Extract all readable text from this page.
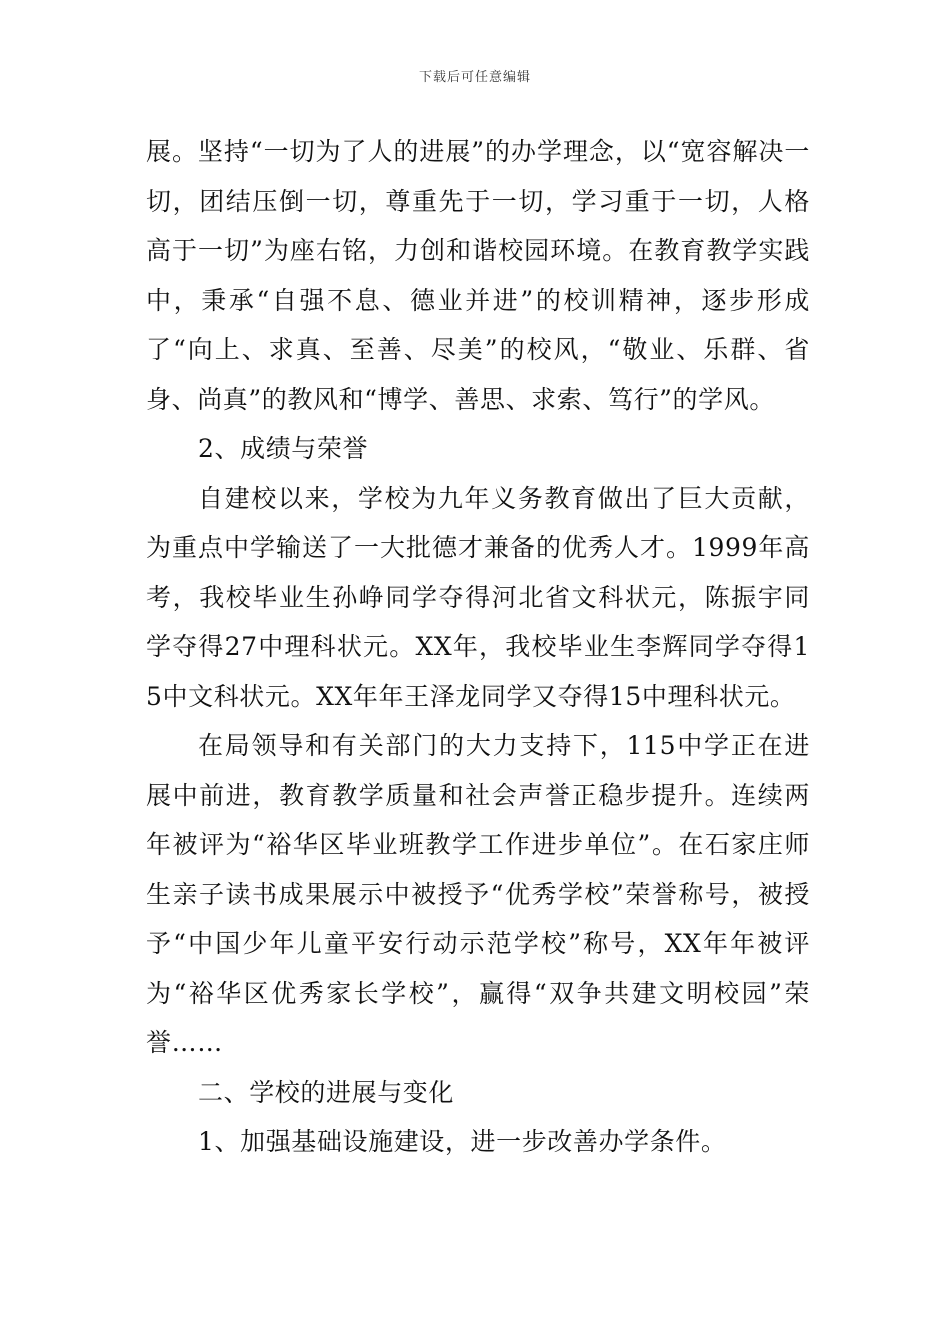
下载后可任意编辑

展。坚持“一切为了人的进展”的办学理念，以“宽容解决一切，团结压倒一切，尊重先于一切，学习重于一切，人格高于一切”为座右铭，力创和谐校园环境。在教育教学实践中，秉承“自强不息、德业并进”的校训精神，逐步形成了“向上、求真、至善、尽美”的校风，“敬业、乐群、省身、尚真”的教风和“博学、善思、求索、笃行”的学风。

2、成绩与荣誉

自建校以来，学校为九年义务教育做出了巨大贡献，为重点中学输送了一大批德才兼备的优秀人才。1999年高考，我校毕业生孙峥同学夺得河北省文科状元，陈振宇同学夺得27中理科状元。XX年，我校毕业生李辉同学夺得15中文科状元。XX年年王泽龙同学又夺得15中理科状元。

在局领导和有关部门的大力支持下，115中学正在进展中前进，教育教学质量和社会声誉正稳步提升。连续两年被评为“裕华区毕业班教学工作进步单位”。在石家庄师生亲子读书成果展示中被授予“优秀学校”荣誉称号，被授予“中国少年儿童平安行动示范学校”称号，XX年年被评为“裕华区优秀家长学校”，赢得“双争共建文明校园”荣誉……

二、学校的进展与变化

1、加强基础设施建设，进一步改善办学条件。
